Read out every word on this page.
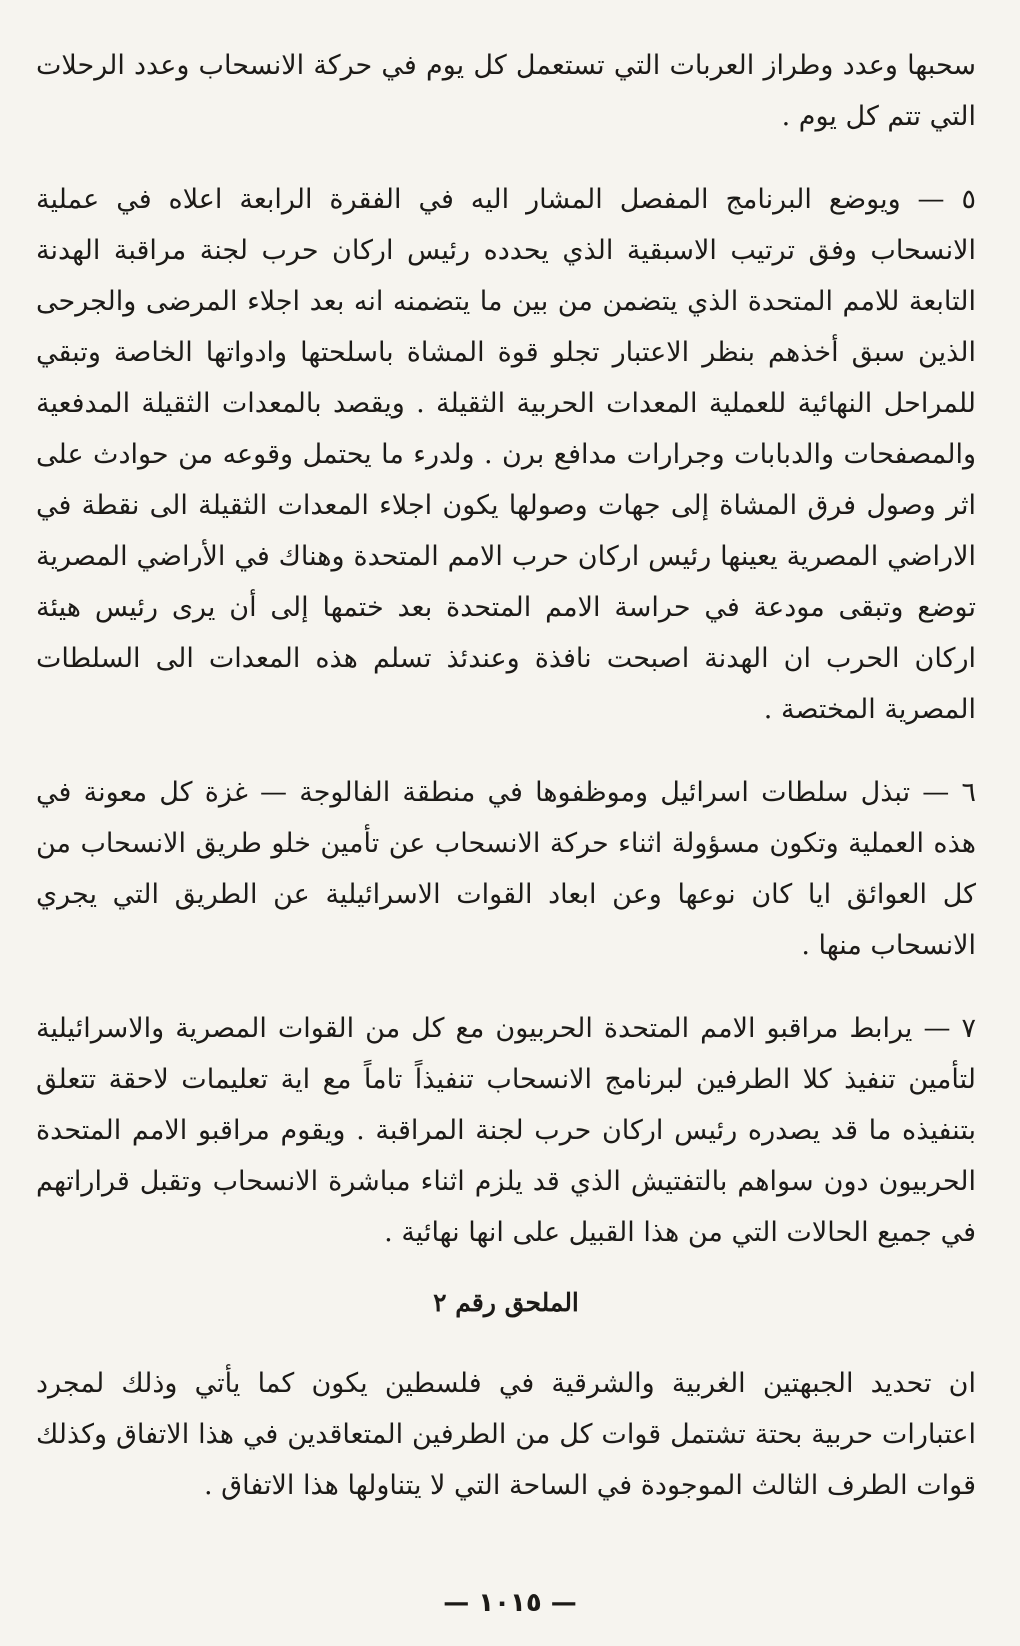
سحبها وعدد وطراز العربات التي تستعمل كل يوم في حركة الانسحاب وعدد الرحلات التي تتم كل يوم .

٥ — ويوضع البرنامج المفصل المشار اليه في الفقرة الرابعة اعلاه في عملية الانسحاب وفق ترتيب الاسبقية الذي يحدده رئيس اركان حرب لجنة مراقبة الهدنة التابعة للامم المتحدة الذي يتضمن من بين ما يتضمنه انه بعد اجلاء المرضى والجرحى الذين سبق أخذهم بنظر الاعتبار تجلو قوة المشاة باسلحتها وادواتها الخاصة وتبقي للمراحل النهائية للعملية المعدات الحربية الثقيلة . ويقصد بالمعدات الثقيلة المدفعية والمصفحات والدبابات وجرارات مدافع برن . ولدرء ما يحتمل وقوعه من حوادث على اثر وصول فرق المشاة إلى جهات وصولها يكون اجلاء المعدات الثقيلة الى نقطة في الاراضي المصرية يعينها رئيس اركان حرب الامم المتحدة وهناك في الأراضي المصرية توضع وتبقى مودعة في حراسة الامم المتحدة بعد ختمها إلى أن يرى رئيس هيئة اركان الحرب ان الهدنة اصبحت نافذة وعندئذ تسلم هذه المعدات الى السلطات المصرية المختصة .

٦ — تبذل سلطات اسرائيل وموظفوها في منطقة الفالوجة — غزة كل معونة في هذه العملية وتكون مسؤولة اثناء حركة الانسحاب عن تأمين خلو طريق الانسحاب من كل العوائق ايا كان نوعها وعن ابعاد القوات الاسرائيلية عن الطريق التي يجري الانسحاب منها .

٧ — يرابط مراقبو الامم المتحدة الحربيون مع كل من القوات المصرية والاسرائيلية لتأمين تنفيذ كلا الطرفين لبرنامج الانسحاب تنفيذاً تاماً مع اية تعليمات لاحقة تتعلق بتنفيذه ما قد يصدره رئيس اركان حرب لجنة المراقبة . ويقوم مراقبو الامم المتحدة الحربيون دون سواهم بالتفتيش الذي قد يلزم اثناء مباشرة الانسحاب وتقبل قراراتهم في جميع الحالات التي من هذا القبيل على انها نهائية .

الملحق رقم ٢

ان تحديد الجبهتين الغربية والشرقية في فلسطين يكون كما يأتي وذلك لمجرد اعتبارات حربية بحتة تشتمل قوات كل من الطرفين المتعاقدين في هذا الاتفاق وكذلك قوات الطرف الثالث الموجودة في الساحة التي لا يتناولها هذا الاتفاق .

— ١٠١٥ —
